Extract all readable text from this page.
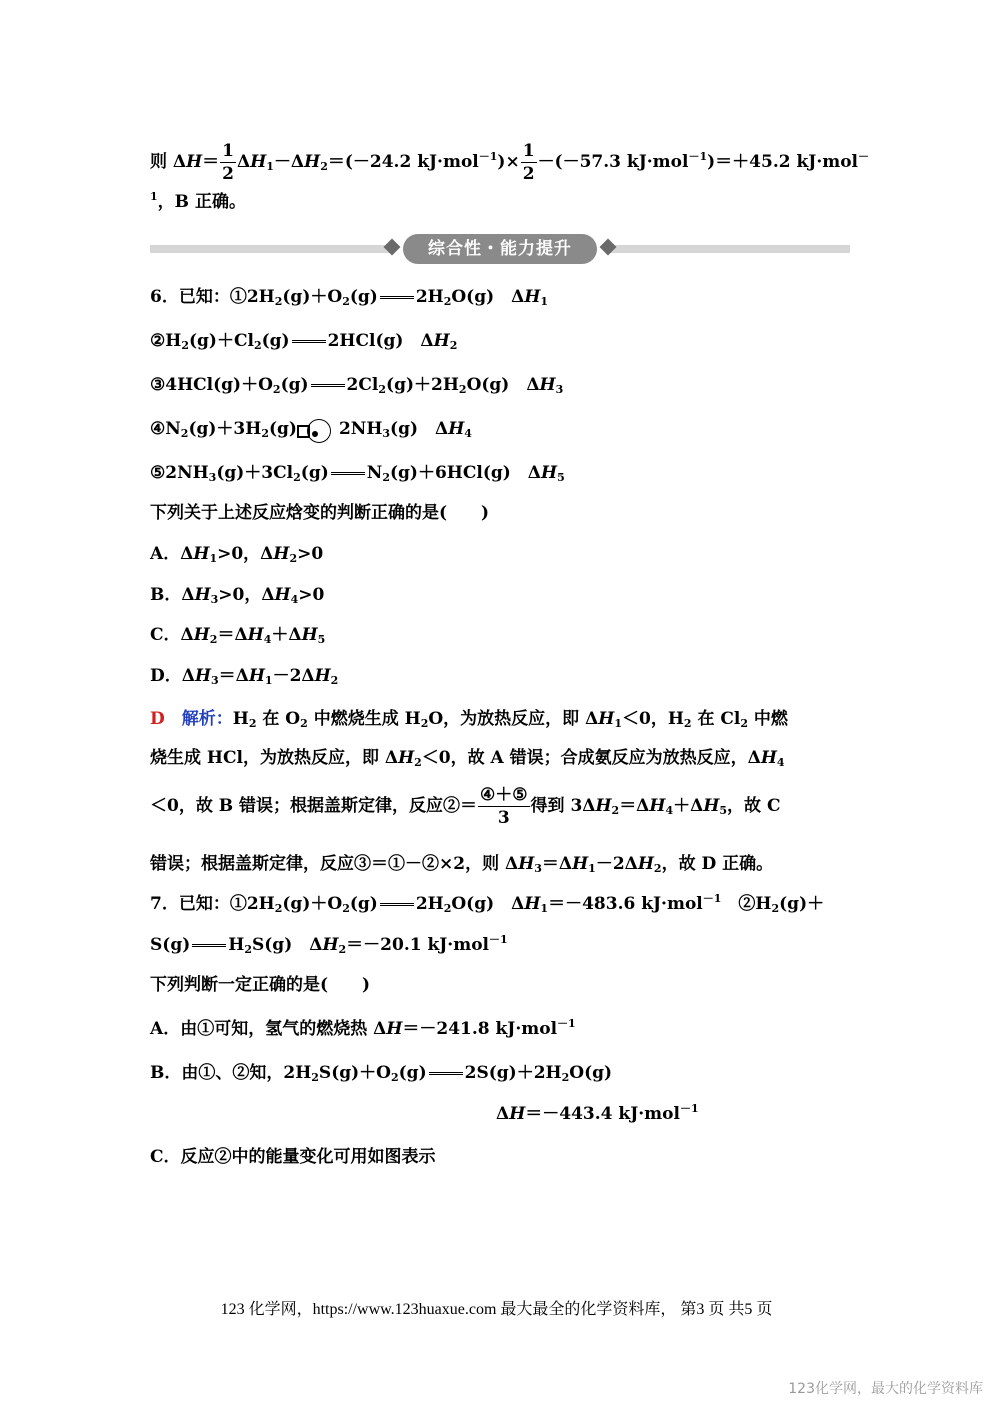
则 $\Delta H= \frac{1}{2} \Delta H_1-\Delta H_2=(-24.2$ $kJ\cdot mol^{-1})\times \frac{1}{2} -(-57.3$ kJ·mol$^{-1}$)＝＋45.2 kJ·mol－
$^1$，B 正确。
综合性・能力提升
6．已知：$①2H_2(g)+O_2(g)$ $2H_2O(g)$　$\Delta H_1$
$②H_2(g)+Cl_2(g)$ 2HCl(g)　$\Delta H_2$
$③4HCl(g)+O_2(g)$ $2Cl_2(g)+2H_2O(g)$　$\Delta H_3$
$④N_2(g)+3H_2(g)$ $2NH_3(g)$　$\Delta H_4$
$⑤2NH_3(g)+3Cl_2(g)$ $N_2(g)+6HCl(g)$　$\Delta H_5$
下列关于上述反应焓变的判断正确的是(　　)
A．$\Delta H_1>0$，$\Delta H_2>0$
B．$\Delta H_3>0$，$\Delta H_4>0$
C．$\Delta H_2=\Delta H_4+\Delta H_5$
D．$\Delta H_3=\Delta H_1-2\Delta H_2$
D　 解析：$H_2$ 在 $O_2$ 中燃烧生成 $H_2O$，为放热反应，即 $\Delta H_1<0$，$H_2$ 在 $Cl_2$ 中燃
烧生成 HCl，为放热反应，即 $\Delta H_2<0$，故 A 错误；合成氨反应为放热反应，$\Delta H_4$
＜0，故 B 错误；根据盖斯定律，反应②＝ $\frac{\text{④＋⑤}}{3}$ 得到 $3\Delta H_2=\Delta H_4+\Delta H_5$，故 C
错误；根据盖斯定律，反应③＝①－②×2，则 $\Delta H_3=\Delta H_1-2\Delta H_2$，故 D 正确。
7．已知：$①2H_2(g)+O_2(g)$ $2H_2O(g)$　$\Delta H_1=-483.6$ kJ·mol$^{-1}$　$②H_2(g)+$
S(g) $H_2S(g)$　$\Delta H_2=-20.1$ kJ·mol$^{-1}$
下列判断一定正确的是(　　)
A．由①可知，氢气的燃烧热 ΔH＝－241.8 kJ·mol$^{-1}$
B．由①、②知，$2H_2S(g)+O_2(g)$ $2S(g)+2H_2O(g)$
ΔH＝－443.4 kJ·mol$^{-1}$
C．反应②中的能量变化可用如图表示
123 化学网，https://www.123huaxue.com 最大最全的化学资料库， 第3 页 共5 页
123化学网，最大的化学资料库
